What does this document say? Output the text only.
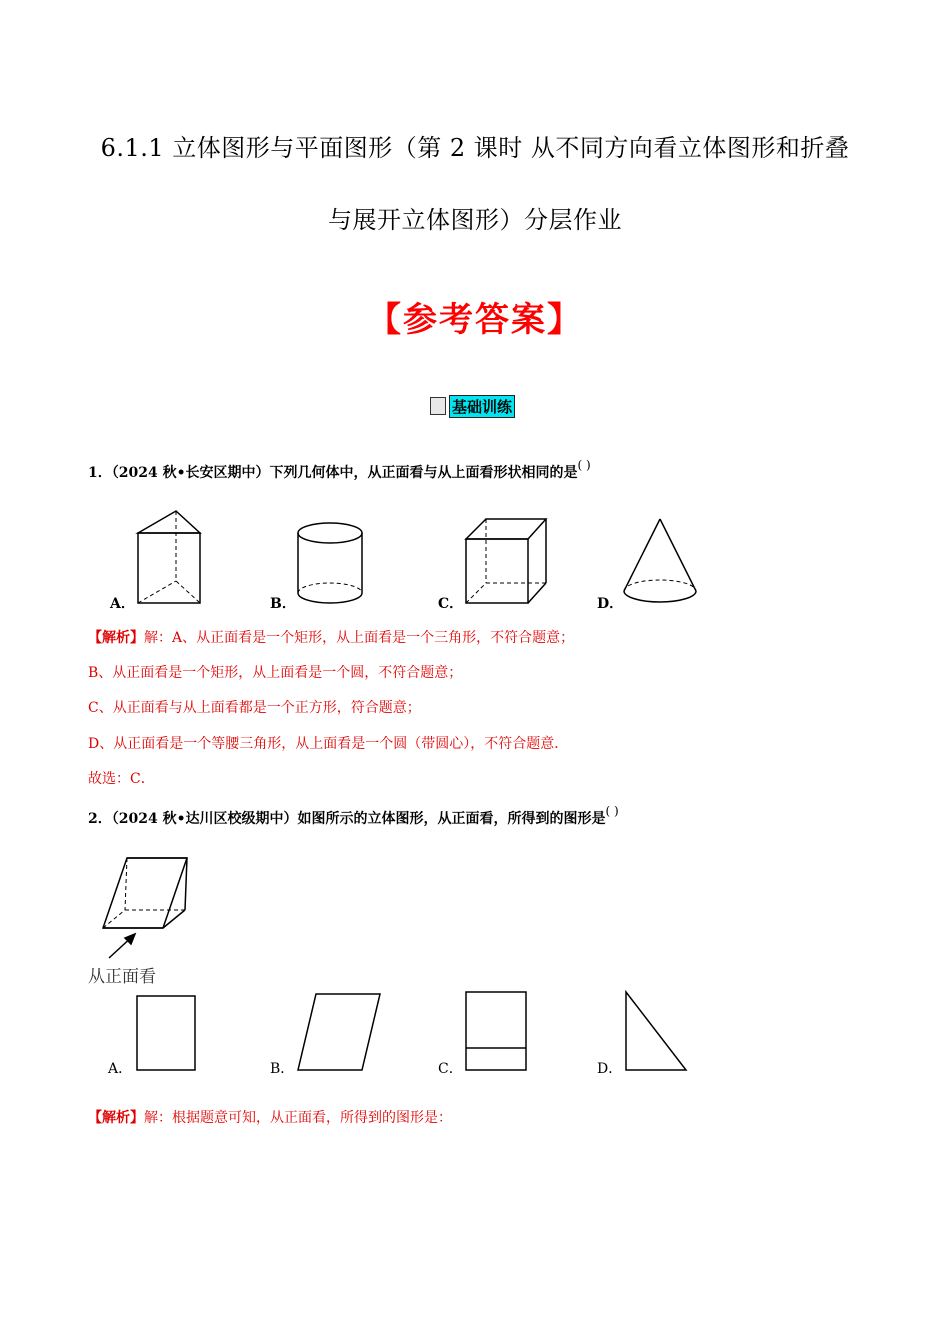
6.1.1 立体图形与平面图形（第 2 课时 从不同方向看立体图形和折叠
与展开立体图形）分层作业
【参考答案】
基础训练
1．（2024 秋•长安区期中）下列几何体中，从正面看与从上面看形状相同的是( )
A．	B．	C．	D．
【解析】解：A、从正面看是一个矩形，从上面看是一个三角形，不符合题意；
B、从正面看是一个矩形，从上面看是一个圆，不符合题意；
C、从正面看与从上面看都是一个正方形，符合题意；
D、从正面看是一个等腰三角形，从上面看是一个圆（带圆心），不符合题意．
故选：C．
2．（2024 秋•达川区校级期中）如图所示的立体图形，从正面看，所得到的图形是( )
从正面看
A．	B．	C．	D．
【解析】解：根据题意可知，从正面看，所得到的图形是：
